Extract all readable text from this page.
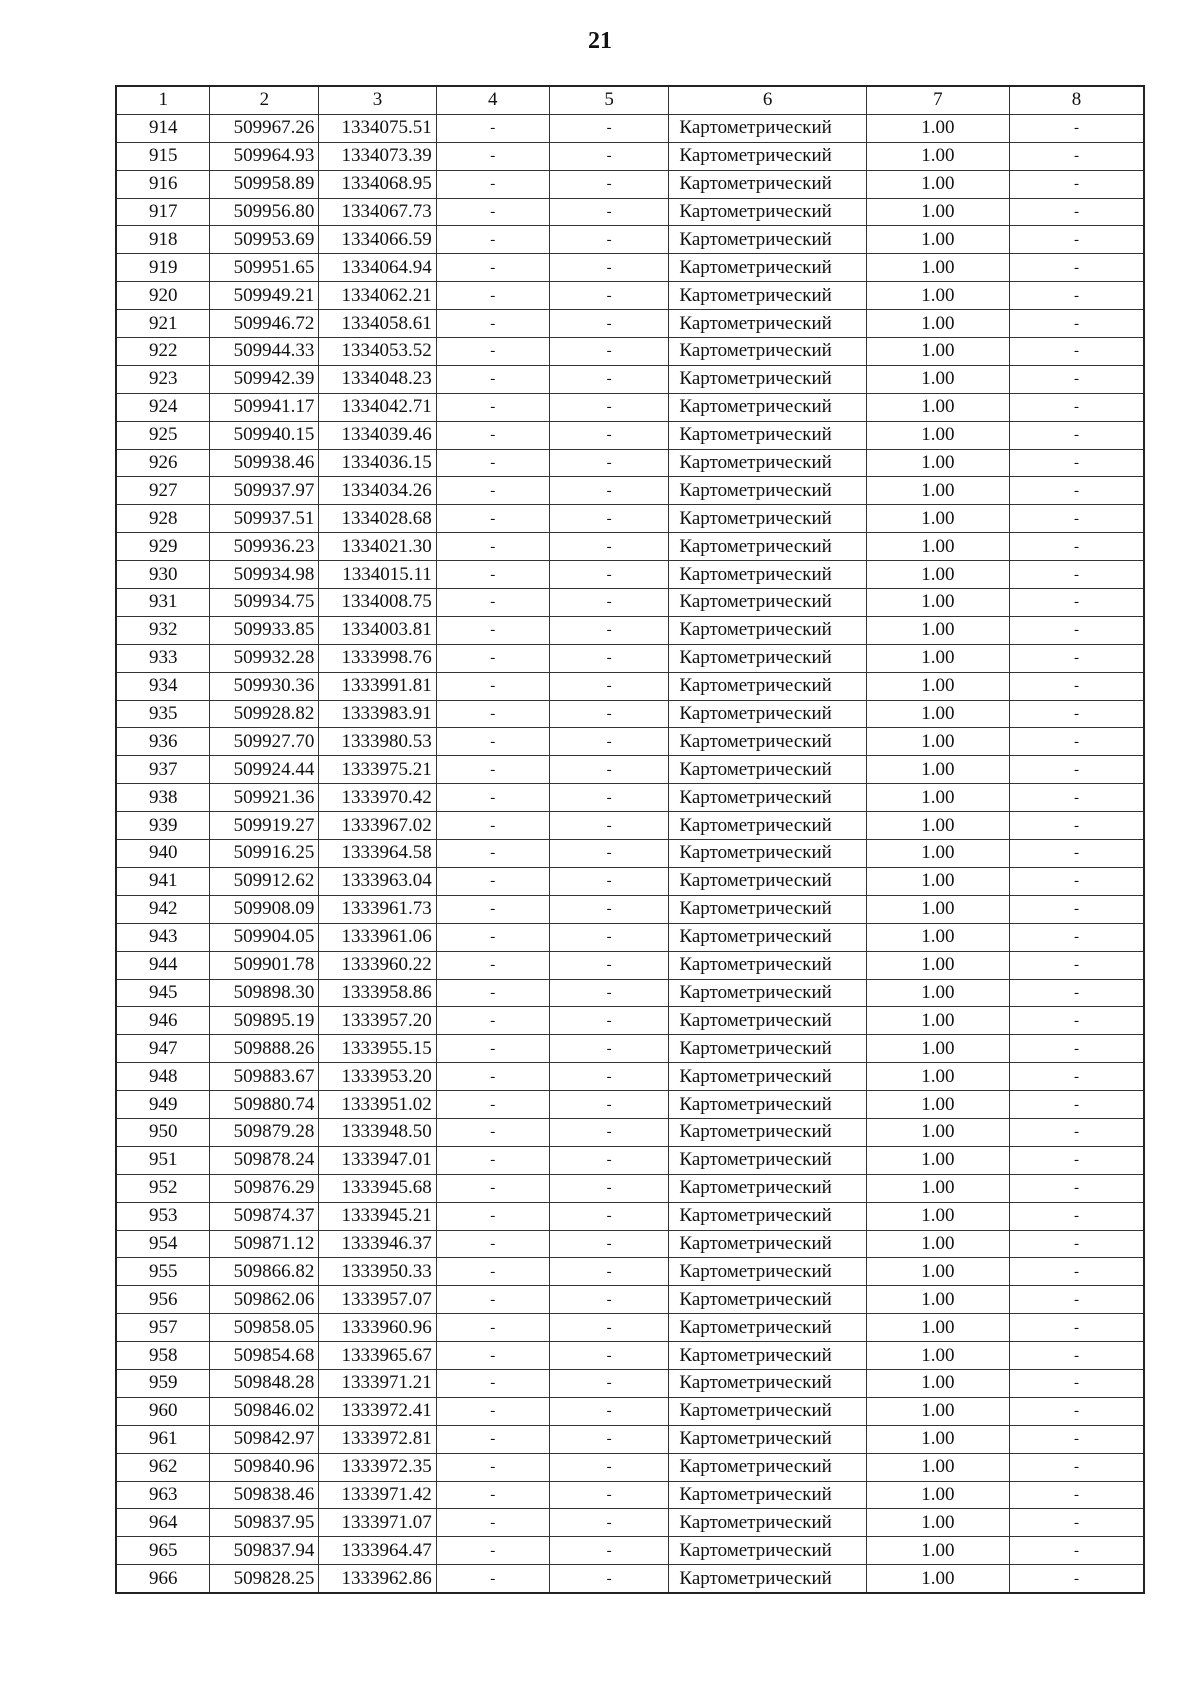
21
1	2	3	4	5	6	7	8
914	509967.26	1334075.51	-	-	Картометрический	1.00	-
915	509964.93	1334073.39	-	-	Картометрический	1.00	-
916	509958.89	1334068.95	-	-	Картометрический	1.00	-
917	509956.80	1334067.73	-	-	Картометрический	1.00	-
918	509953.69	1334066.59	-	-	Картометрический	1.00	-
919	509951.65	1334064.94	-	-	Картометрический	1.00	-
920	509949.21	1334062.21	-	-	Картометрический	1.00	-
921	509946.72	1334058.61	-	-	Картометрический	1.00	-
922	509944.33	1334053.52	-	-	Картометрический	1.00	-
923	509942.39	1334048.23	-	-	Картометрический	1.00	-
924	509941.17	1334042.71	-	-	Картометрический	1.00	-
925	509940.15	1334039.46	-	-	Картометрический	1.00	-
926	509938.46	1334036.15	-	-	Картометрический	1.00	-
927	509937.97	1334034.26	-	-	Картометрический	1.00	-
928	509937.51	1334028.68	-	-	Картометрический	1.00	-
929	509936.23	1334021.30	-	-	Картометрический	1.00	-
930	509934.98	1334015.11	-	-	Картометрический	1.00	-
931	509934.75	1334008.75	-	-	Картометрический	1.00	-
932	509933.85	1334003.81	-	-	Картометрический	1.00	-
933	509932.28	1333998.76	-	-	Картометрический	1.00	-
934	509930.36	1333991.81	-	-	Картометрический	1.00	-
935	509928.82	1333983.91	-	-	Картометрический	1.00	-
936	509927.70	1333980.53	-	-	Картометрический	1.00	-
937	509924.44	1333975.21	-	-	Картометрический	1.00	-
938	509921.36	1333970.42	-	-	Картометрический	1.00	-
939	509919.27	1333967.02	-	-	Картометрический	1.00	-
940	509916.25	1333964.58	-	-	Картометрический	1.00	-
941	509912.62	1333963.04	-	-	Картометрический	1.00	-
942	509908.09	1333961.73	-	-	Картометрический	1.00	-
943	509904.05	1333961.06	-	-	Картометрический	1.00	-
944	509901.78	1333960.22	-	-	Картометрический	1.00	-
945	509898.30	1333958.86	-	-	Картометрический	1.00	-
946	509895.19	1333957.20	-	-	Картометрический	1.00	-
947	509888.26	1333955.15	-	-	Картометрический	1.00	-
948	509883.67	1333953.20	-	-	Картометрический	1.00	-
949	509880.74	1333951.02	-	-	Картометрический	1.00	-
950	509879.28	1333948.50	-	-	Картометрический	1.00	-
951	509878.24	1333947.01	-	-	Картометрический	1.00	-
952	509876.29	1333945.68	-	-	Картометрический	1.00	-
953	509874.37	1333945.21	-	-	Картометрический	1.00	-
954	509871.12	1333946.37	-	-	Картометрический	1.00	-
955	509866.82	1333950.33	-	-	Картометрический	1.00	-
956	509862.06	1333957.07	-	-	Картометрический	1.00	-
957	509858.05	1333960.96	-	-	Картометрический	1.00	-
958	509854.68	1333965.67	-	-	Картометрический	1.00	-
959	509848.28	1333971.21	-	-	Картометрический	1.00	-
960	509846.02	1333972.41	-	-	Картометрический	1.00	-
961	509842.97	1333972.81	-	-	Картометрический	1.00	-
962	509840.96	1333972.35	-	-	Картометрический	1.00	-
963	509838.46	1333971.42	-	-	Картометрический	1.00	-
964	509837.95	1333971.07	-	-	Картометрический	1.00	-
965	509837.94	1333964.47	-	-	Картометрический	1.00	-
966	509828.25	1333962.86	-	-	Картометрический	1.00	-
